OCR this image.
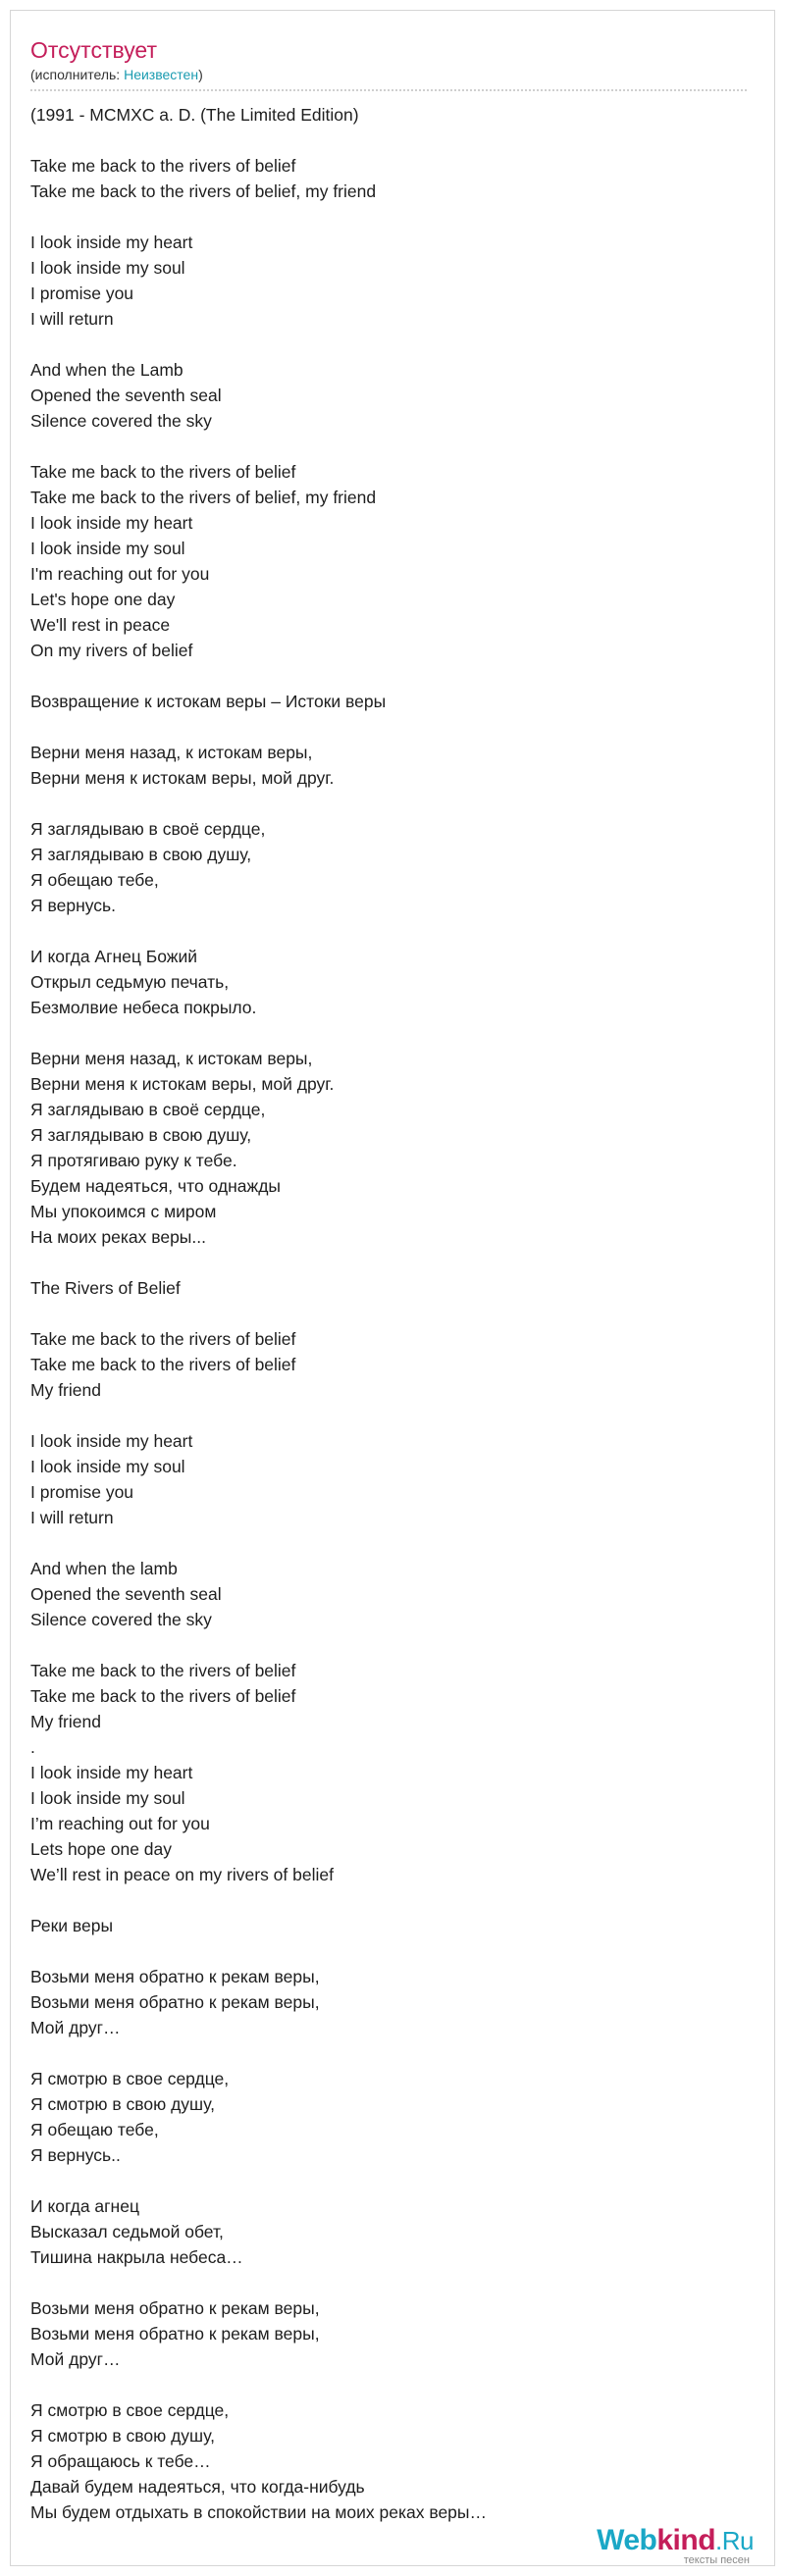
Отсутствует
(исполнитель: Неизвестен)
(1991 - MCMXC a. D. (The Limited Edition)
Take me back to the rivers of belief
Take me back to the rivers of belief, my friend
I look inside my heart
I look inside my soul
I promise you
I will return
And when the Lamb
Opened the seventh seal
Silence covered the sky
Take me back to the rivers of belief
Take me back to the rivers of belief, my friend
I look inside my heart
I look inside my soul
I'm reaching out for you
Let's hope one day
We'll rest in peace
On my rivers of belief
Возвращение к истокам веры – Истоки веры
Верни меня назад, к истокам веры,
Верни меня к истокам веры, мой друг.
Я заглядываю в своё сердце,
Я заглядываю в свою душу,
Я обещаю тебе,
Я вернусь.
И когда Агнец Божий
Открыл седьмую печать,
Безмолвие небеса покрыло.
Верни меня назад, к истокам веры,
Верни меня к истокам веры, мой друг.
Я заглядываю в своё сердце,
Я заглядываю в свою душу,
Я протягиваю руку к тебе.
Будем надеяться, что однажды
Мы упокоимся с миром
На моих реках веры...
The Rivers of Belief
Take me back to the rivers of belief
Take me back to the rivers of belief
My friend
I look inside my heart
I look inside my soul
I promise you
I will return
And when the lamb
Opened the seventh seal
Silence covered the sky
Take me back to the rivers of belief
Take me back to the rivers of belief
My friend
.
I look inside my heart
I look inside my soul
I’m reaching out for you
Lets hope one day
We’ll rest in peace on my rivers of belief
Реки веры
Возьми меня обратно к рекам веры,
Возьми меня обратно к рекам веры,
Мой друг…
Я смотрю в свое сердце,
Я смотрю в свою душу,
Я обещаю тебе,
Я вернусь..
И когда агнец
Высказал седьмой обет,
Тишина накрыла небеса…
Возьми меня обратно к рекам веры,
Возьми меня обратно к рекам веры,
Мой друг…
Я смотрю в свое сердце,
Я смотрю в свою душу,
Я обращаюсь к тебе…
Давай будем надеяться, что когда-нибудь
Мы будем отдыхать в спокойствии на моих реках веры…
Webkind.Ru
тексты песен
